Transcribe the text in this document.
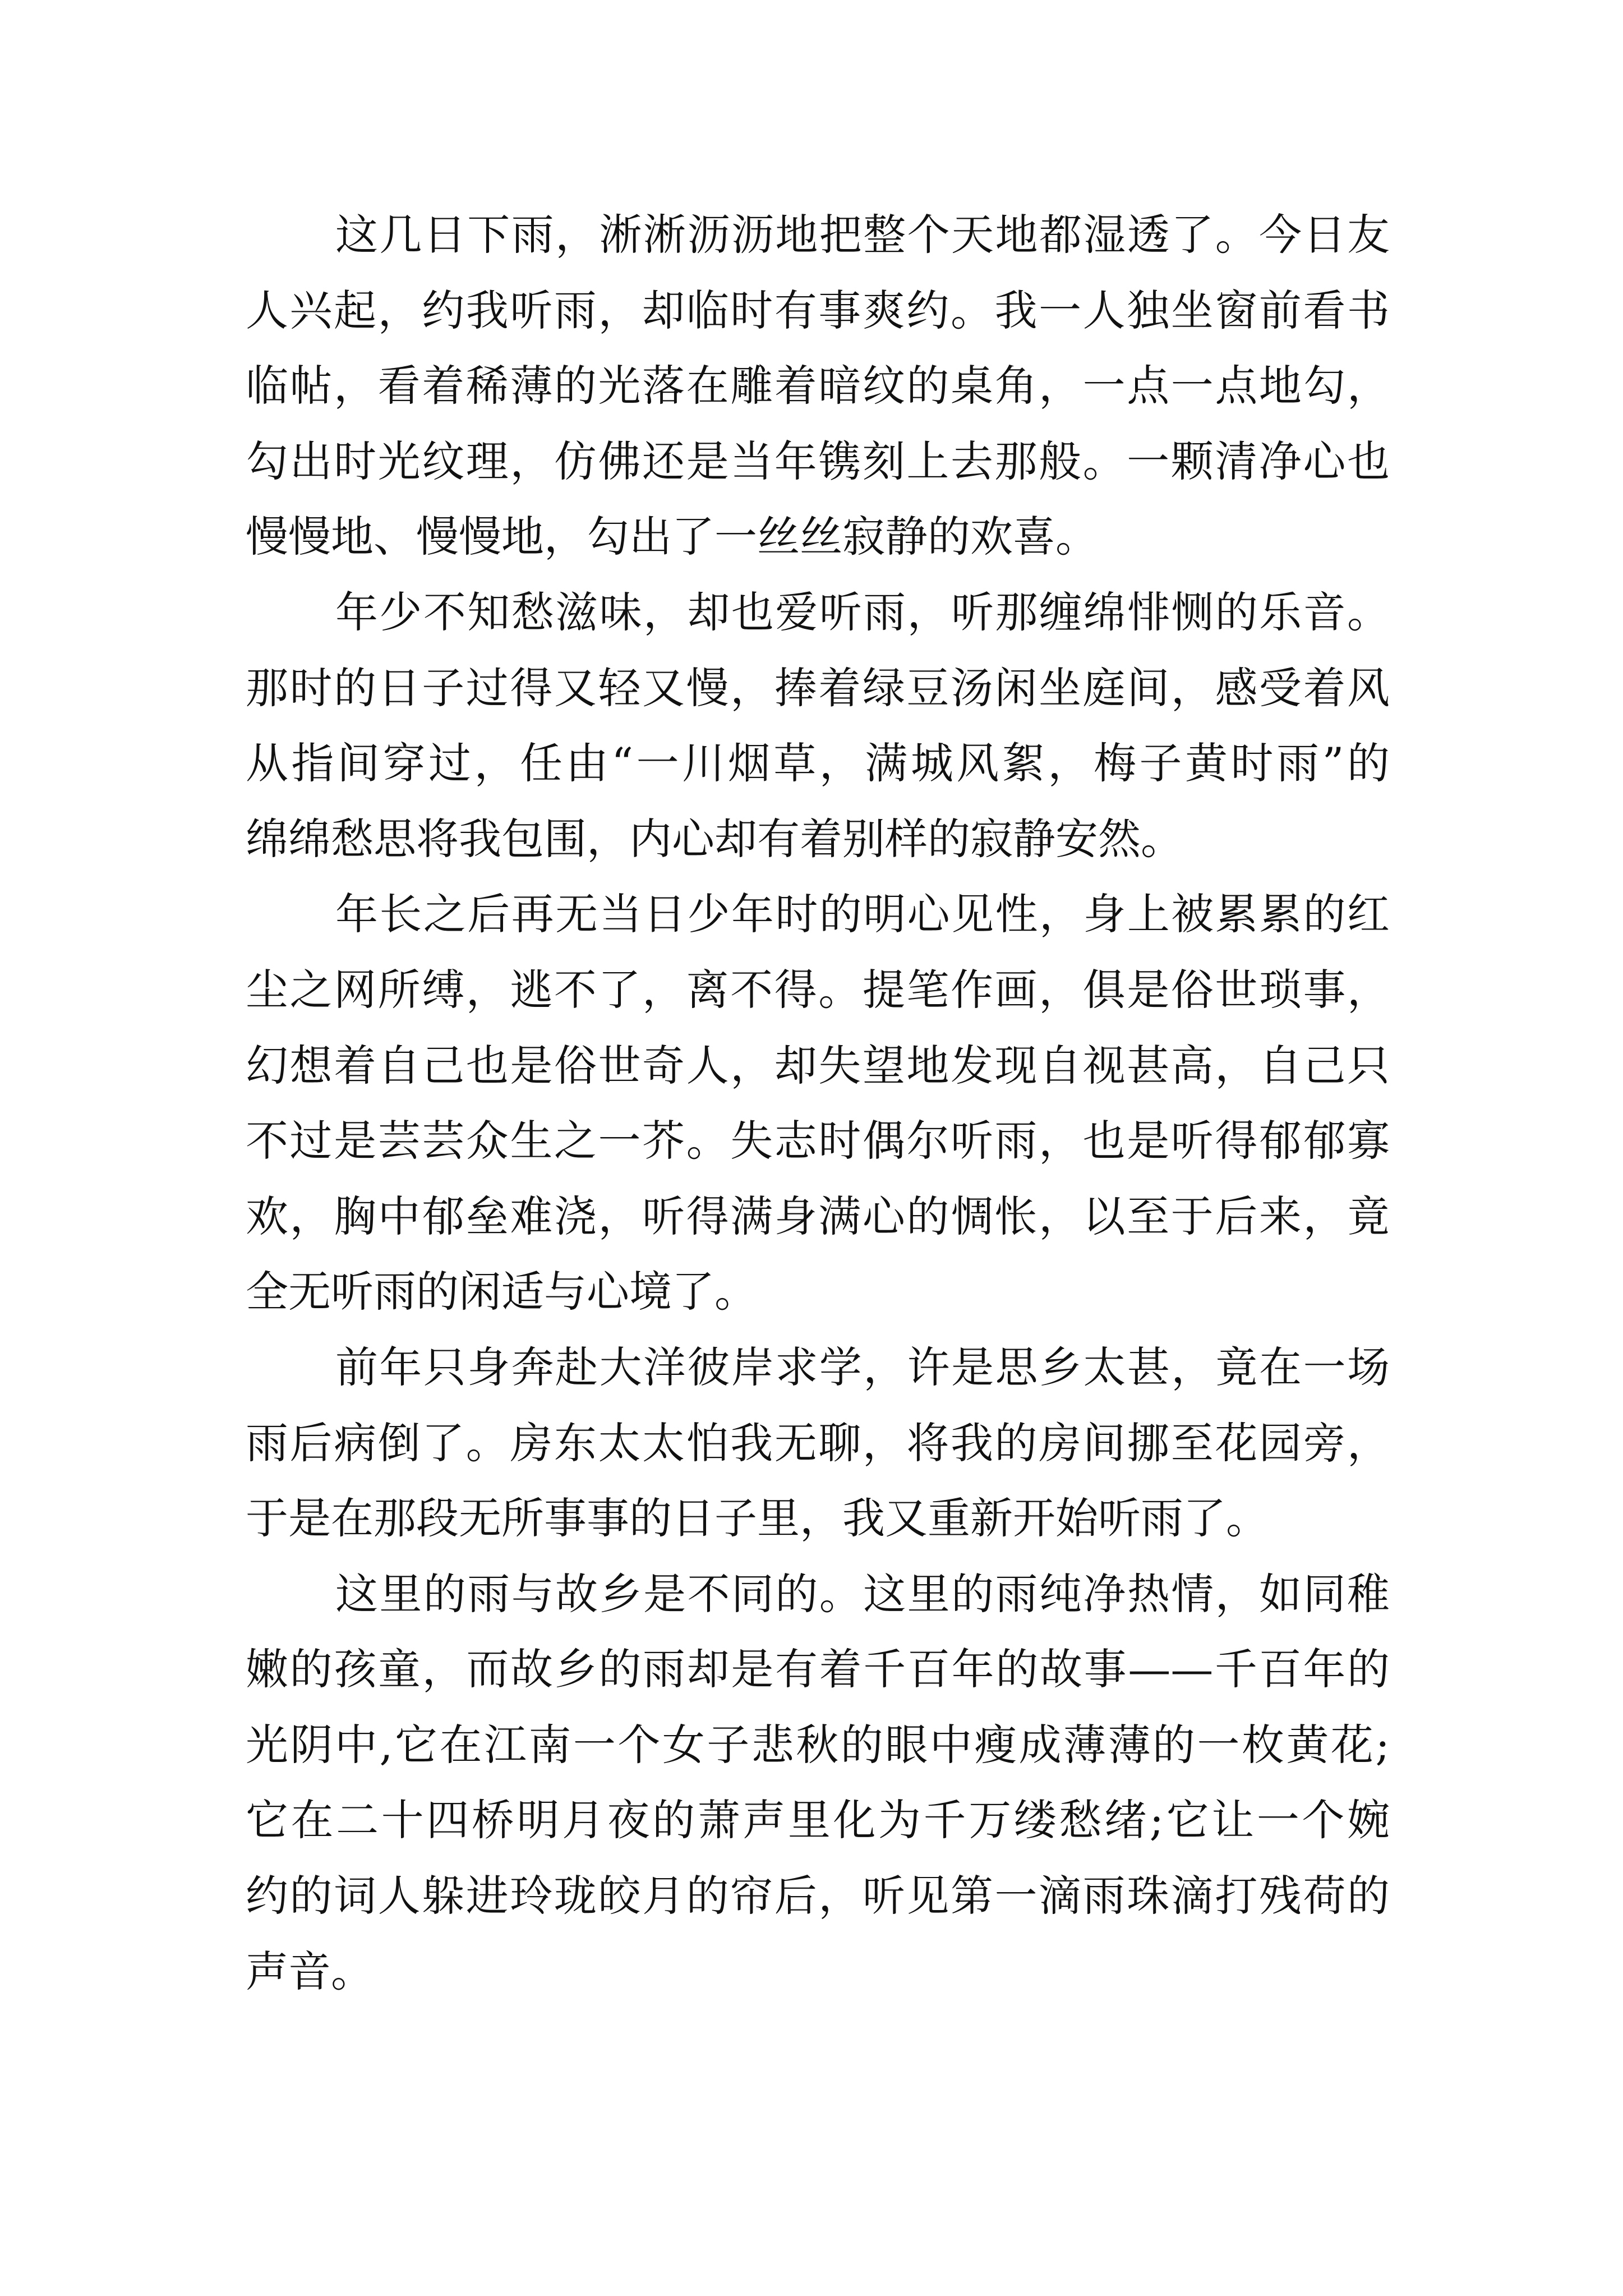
这几日下雨，淅淅沥沥地把整个天地都湿透了。今日友
人兴起，约我听雨，却临时有事爽约。我一人独坐窗前看书
临帖，看着稀薄的光落在雕着暗纹的桌角，一点一点地勾，
勾出时光纹理，仿佛还是当年镌刻上去那般。一颗清净心也
慢慢地、慢慢地，勾出了一丝丝寂静的欢喜。
年少不知愁滋味，却也爱听雨，听那缠绵悱恻的乐音。
那时的日子过得又轻又慢，捧着绿豆汤闲坐庭间，感受着风
从指间穿过，任由“一川烟草，满城风絮，梅子黄时雨”的
绵绵愁思将我包围，内心却有着别样的寂静安然。
年长之后再无当日少年时的明心见性，身上被累累的红
尘之网所缚，逃不了，离不得。提笔作画，俱是俗世琐事，
幻想着自己也是俗世奇人，却失望地发现自视甚高，自己只
不过是芸芸众生之一芥。失志时偶尔听雨，也是听得郁郁寡
欢，胸中郁垒难浇，听得满身满心的惆怅，以至于后来，竟
全无听雨的闲适与心境了。
前年只身奔赴大洋彼岸求学，许是思乡太甚，竟在一场
雨后病倒了。房东太太怕我无聊，将我的房间挪至花园旁，
于是在那段无所事事的日子里，我又重新开始听雨了。
这里的雨与故乡是不同的。这里的雨纯净热情，如同稚
嫩的孩童，而故乡的雨却是有着千百年的故事——千百年的
光阴中,它在江南一个女子悲秋的眼中瘦成薄薄的一枚黄花;
它在二十四桥明月夜的萧声里化为千万缕愁绪;它让一个婉
约的词人躲进玲珑皎月的帘后，听见第一滴雨珠滴打残荷的
声音。
